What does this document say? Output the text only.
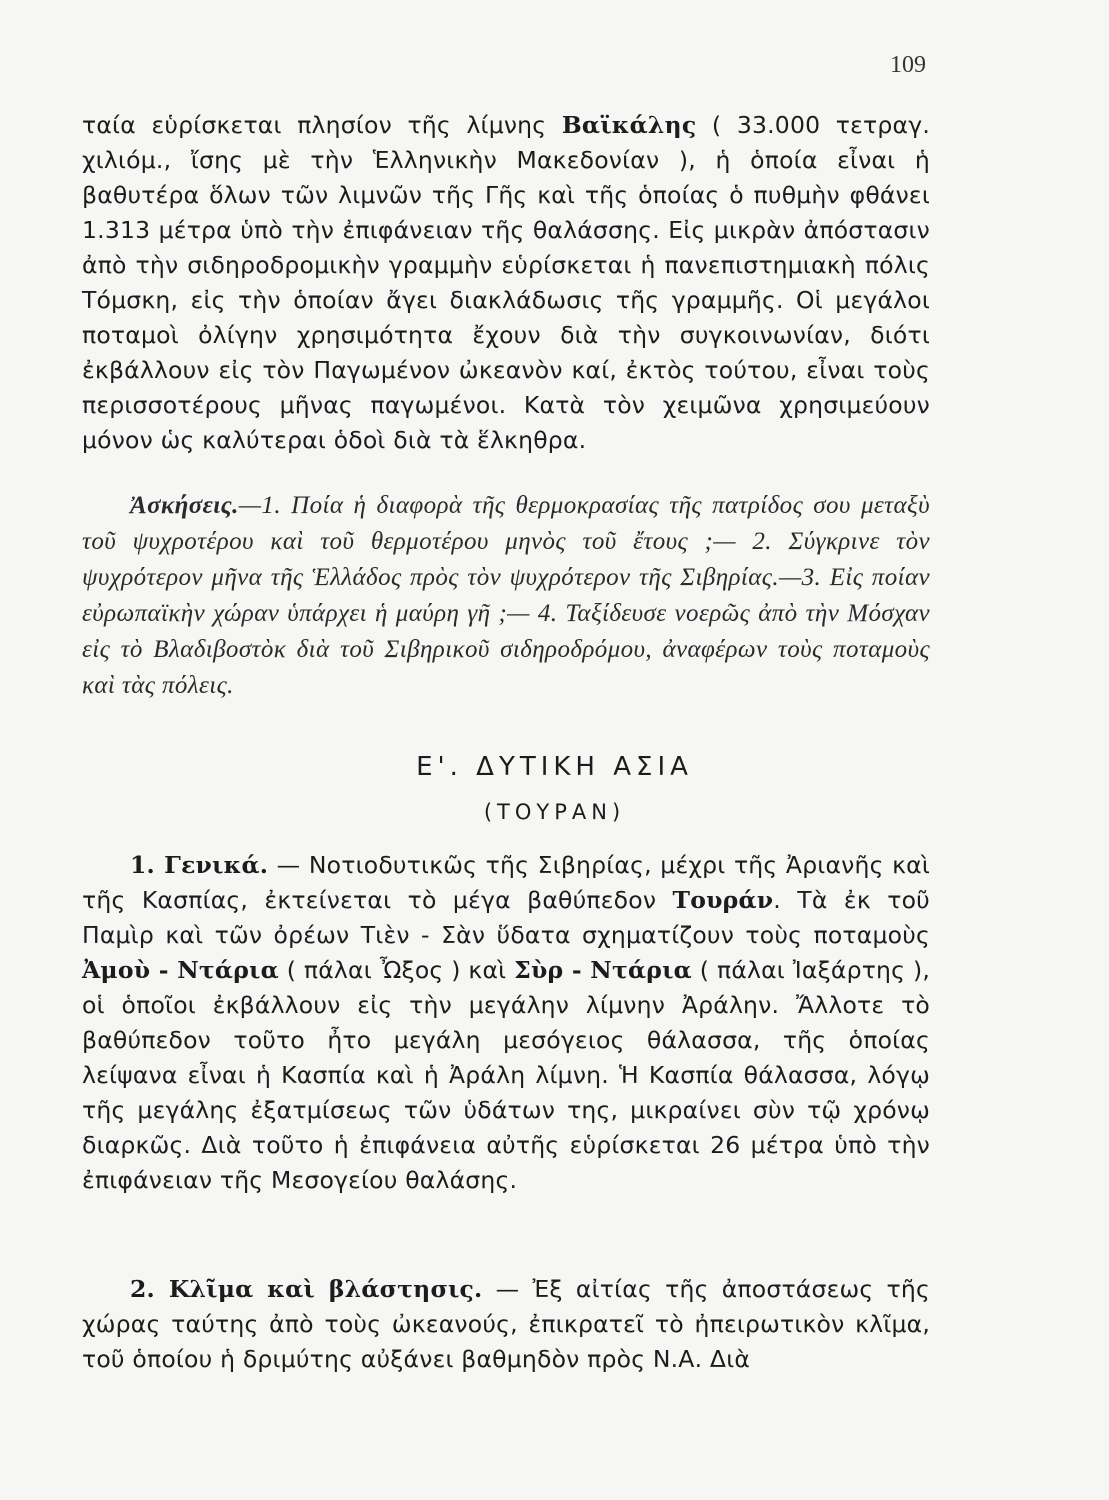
109

ταία εὑρίσκεται πλησίον τῆς λίμνης Βαϊκάλης ( 33.000 τετραγ. χιλιόμ., ἴσης μὲ τὴν Ἑλληνικὴν Μακεδονίαν ), ἡ ὁποία εἶναι ἡ βαθυτέρα ὅλων τῶν λιμνῶν τῆς Γῆς καὶ τῆς ὁποίας ὁ πυθμὴν φθάνει 1.313 μέτρα ὑπὸ τὴν ἐπιφάνειαν τῆς θαλάσσης. Εἰς μικρὰν ἀπόστασιν ἀπὸ τὴν σιδηροδρομικὴν γραμμὴν εὑρίσκεται ἡ πανεπιστημιακὴ πόλις Τόμσκη, εἰς τὴν ὁποίαν ἄγει διακλάδωσις τῆς γραμμῆς. Οἱ μεγάλοι ποταμοὶ ὀλίγην χρησιμότητα ἔχουν διὰ τὴν συγκοινωνίαν, διότι ἐκβάλλουν εἰς τὸν Παγωμένον ὠκεανὸν καί, ἐκτὸς τούτου, εἶναι τοὺς περισσοτέρους μῆνας παγωμένοι. Κατὰ τὸν χειμῶνα χρησιμεύουν μόνον ὡς καλύτεραι ὁδοὶ διὰ τὰ ἕλκηθρα.

Ἀσκήσεις.—1. Ποία ἡ διαφορὰ τῆς θερμοκρασίας τῆς πατρίδος σου μεταξὺ τοῦ ψυχροτέρου καὶ τοῦ θερμοτέρου μηνὸς τοῦ ἔτους ;— 2. Σύγκρινε τὸν ψυχρότερον μῆνα τῆς Ἑλλάδος πρὸς τὸν ψυχρότερον τῆς Σιβηρίας.—3. Εἰς ποίαν εὐρωπαϊκὴν χώραν ὑπάρχει ἡ μαύρη γῆ ;— 4. Ταξίδευσε νοερῶς ἀπὸ τὴν Μόσχαν εἰς τὸ Βλαδιβοστὸκ διὰ τοῦ Σιβηρικοῦ σιδηροδρόμου, ἀναφέρων τοὺς ποταμοὺς καὶ τὰς πόλεις.

Ε'. ΔΥΤΙΚΗ ΑΣΙΑ
(ΤΟΥΡΑΝ)

1. Γενικά. — Νοτιοδυτικῶς τῆς Σιβηρίας, μέχρι τῆς Ἀριανῆς καὶ τῆς Κασπίας, ἐκτείνεται τὸ μέγα βαθύπεδον Τουράν. Τὰ ἐκ τοῦ Παμὶρ καὶ τῶν ὀρέων Τιὲν - Σὰν ὕδατα σχηματίζουν τοὺς ποταμοὺς Ἀμοὺ - Ντάρια ( πάλαι Ὦξος ) καὶ Σὺρ - Ντάρια ( πάλαι Ἰαξάρτης ), οἱ ὁποῖοι ἐκβάλλουν εἰς τὴν μεγάλην λίμνην Ἀράλην. Ἄλλοτε τὸ βαθύπεδον τοῦτο ἦτο μεγάλη μεσόγειος θάλασσα, τῆς ὁποίας λείψανα εἶναι ἡ Κασπία καὶ ἡ Ἀράλη λίμνη. Ἡ Κασπία θάλασσα, λόγῳ τῆς μεγάλης ἐξατμίσεως τῶν ὑδάτων της, μικραίνει σὺν τῷ χρόνῳ διαρκῶς. Διὰ τοῦτο ἡ ἐπιφάνεια αὐτῆς εὑρίσκεται 26 μέτρα ὑπὸ τὴν ἐπιφάνειαν τῆς Μεσογείου θαλάσης.

2. Κλῖμα καὶ βλάστησις. — Ἐξ αἰτίας τῆς ἀποστάσεως τῆς χώρας ταύτης ἀπὸ τοὺς ὠκεανούς, ἐπικρατεῖ τὸ ἠπειρωτικὸν κλῖμα, τοῦ ὁποίου ἡ δριμύτης αὐξάνει βαθμηδὸν πρὸς Ν.Α. Διὰ
